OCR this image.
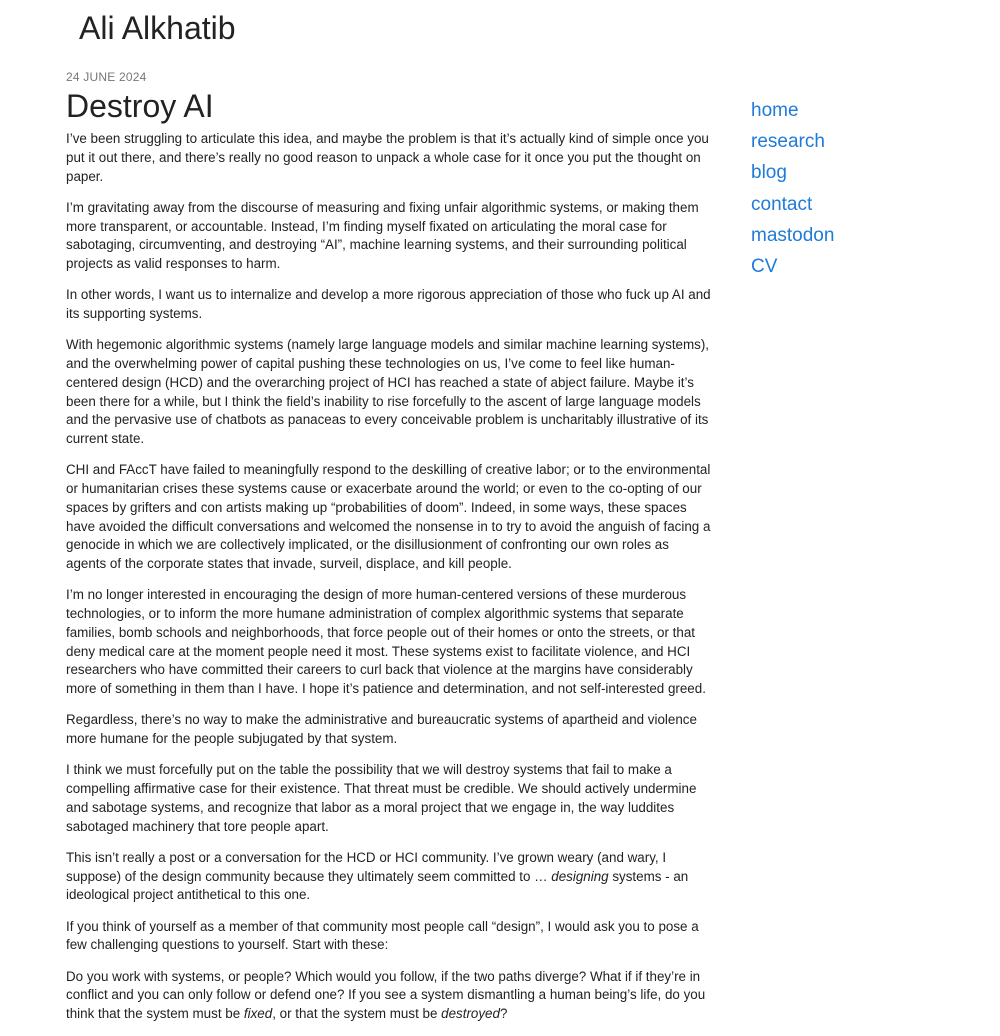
Ali Alkhatib
24 JUNE 2024
Destroy AI

I’ve been struggling to articulate this idea, and maybe the problem is that it’s actually kind of simple once you put it out there, and there’s really no good reason to unpack a whole case for it once you put the thought on paper.

I’m gravitating away from the discourse of measuring and fixing unfair algorithmic systems, or making them more transparent, or accountable. Instead, I’m finding myself fixated on articulating the moral case for sabotaging, circumventing, and destroying “AI”, machine learning systems, and their surrounding political projects as valid responses to harm.

In other words, I want us to internalize and develop a more rigorous appreciation of those who fuck up AI and its supporting systems.

With hegemonic algorithmic systems (namely large language models and similar machine learning systems), and the overwhelming power of capital pushing these technologies on us, I’ve come to feel like human-centered design (HCD) and the overarching project of HCI has reached a state of abject failure. Maybe it’s been there for a while, but I think the field’s inability to rise forcefully to the ascent of large language models and the pervasive use of chatbots as panaceas to every conceivable problem is uncharitably illustrative of its current state.

CHI and FAccT have failed to meaningfully respond to the deskilling of creative labor; or to the environmental or humanitarian crises these systems cause or exacerbate around the world; or even to the co-opting of our spaces by grifters and con artists making up “probabilities of doom”. Indeed, in some ways, these spaces have avoided the difficult conversations and welcomed the nonsense in to try to avoid the anguish of facing a genocide in which we are collectively implicated, or the disillusionment of confronting our own roles as agents of the corporate states that invade, surveil, displace, and kill people.

I’m no longer interested in encouraging the design of more human-centered versions of these murderous technologies, or to inform the more humane administration of complex algorithmic systems that separate families, bomb schools and neighborhoods, that force people out of their homes or onto the streets, or that deny medical care at the moment people need it most. These systems exist to facilitate violence, and HCI researchers who have committed their careers to curl back that violence at the margins have considerably more of something in them than I have. I hope it’s patience and determination, and not self-interested greed.

Regardless, there’s no way to make the administrative and bureaucratic systems of apartheid and violence more humane for the people subjugated by that system.

I think we must forcefully put on the table the possibility that we will destroy systems that fail to make a compelling affirmative case for their existence. That threat must be credible. We should actively undermine and sabotage systems, and recognize that labor as a moral project that we engage in, the way luddites sabotaged machinery that tore people apart.

This isn’t really a post or a conversation for the HCD or HCI community. I’ve grown weary (and wary, I suppose) of the design community because they ultimately seem committed to … designing systems - an ideological project antithetical to this one.

If you think of yourself as a member of that community most people call “design”, I would ask you to pose a few challenging questions to yourself. Start with these:

Do you work with systems, or people? Which would you follow, if the two paths diverge? What if if they’re in conflict and you can only follow or defend one? If you see a system dismantling a human being’s life, do you think that the system must be fixed, or that the system must be destroyed?

home
research
blog
contact
mastodon
CV
